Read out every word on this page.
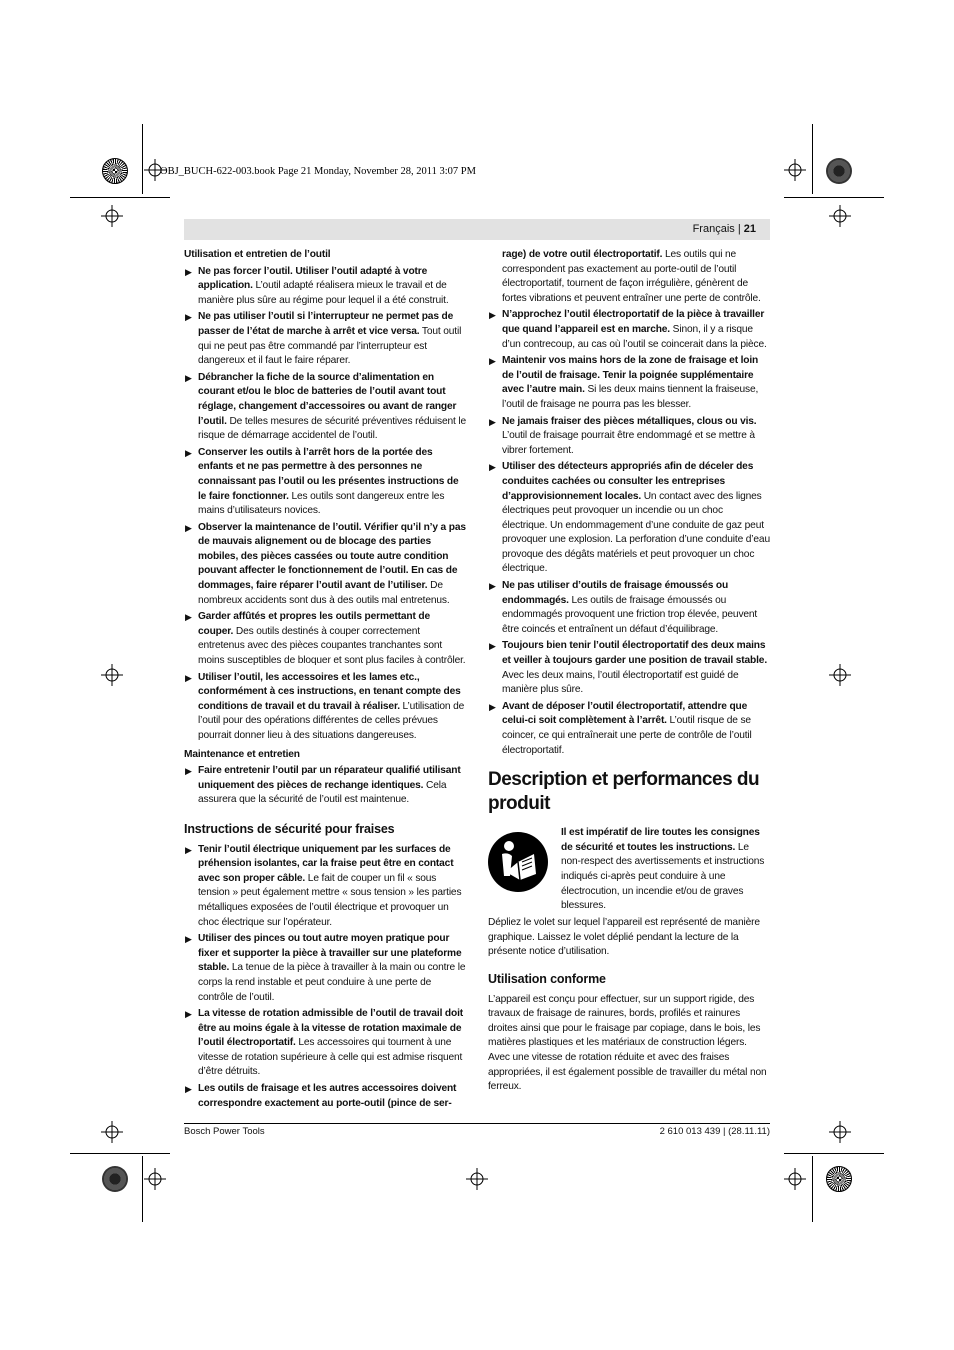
OBJ_BUCH-622-003.book Page 21 Monday, November 28, 2011 3:07 PM
Français | 21
Utilisation et entretien de l’outil
▶ Ne pas forcer l’outil. Utiliser l’outil adapté à votre application. L’outil adapté réalisera mieux le travail et de manière plus sûre au régime pour lequel il a été construit.
▶ Ne pas utiliser l’outil si l’interrupteur ne permet pas de passer de l’état de marche à arrêt et vice versa. Tout outil qui ne peut pas être commandé par l’interrupteur est dangereux et il faut le faire réparer.
▶ Débrancher la fiche de la source d’alimentation en courant et/ou le bloc de batteries de l’outil avant tout réglage, changement d’accessoires ou avant de ranger l’outil. De telles mesures de sécurité préventives réduisent le risque de démarrage accidentel de l’outil.
▶ Conserver les outils à l’arrêt hors de la portée des enfants et ne pas permettre à des personnes ne connaissant pas l’outil ou les présentes instructions de le faire fonctionner. Les outils sont dangereux entre les mains d’utilisateurs novices.
▶ Observer la maintenance de l’outil. Vérifier qu’il n’y a pas de mauvais alignement ou de blocage des parties mobiles, des pièces cassées ou toute autre condition pouvant affecter le fonctionnement de l’outil. En cas de dommages, faire réparer l’outil avant de l’utiliser. De nombreux accidents sont dus à des outils mal entretenus.
▶ Garder affûtés et propres les outils permettant de couper. Des outils destinés à couper correctement entretenus avec des pièces coupantes tranchantes sont moins susceptibles de bloquer et sont plus faciles à contrôler.
▶ Utiliser l’outil, les accessoires et les lames etc., conformément à ces instructions, en tenant compte des conditions de travail et du travail à réaliser. L’utilisation de l’outil pour des opérations différentes de celles prévues pourrait donner lieu à des situations dangereuses.
Maintenance et entretien
▶ Faire entretenir l’outil par un réparateur qualifié utilisant uniquement des pièces de rechange identiques. Cela assurera que la sécurité de l’outil est maintenue.
Instructions de sécurité pour fraises
▶ Tenir l’outil électrique uniquement par les surfaces de préhension isolantes, car la fraise peut être en contact avec son proper câble. Le fait de couper un fil « sous tension » peut également mettre « sous tension » les parties métalliques exposées de l’outil électrique et provoquer un choc électrique sur l’opérateur.
▶ Utiliser des pinces ou tout autre moyen pratique pour fixer et supporter la pièce à travailler sur une plateforme stable. La tenue de la pièce à travailler à la main ou contre le corps la rend instable et peut conduire à une perte de contrôle de l’outil.
▶ La vitesse de rotation admissible de l’outil de travail doit être au moins égale à la vitesse de rotation maximale de l’outil électroportatif. Les accessoires qui tournent à une vitesse de rotation supérieure à celle qui est admise risquent d’être détruits.
▶ Les outils de fraisage et les autres accessoires doivent correspondre exactement au porte-outil (pince de ser-
rage) de votre outil électroportatif. Les outils qui ne correspondent pas exactement au porte-outil de l’outil électroportatif, tournent de façon irrégulière, génèrent de fortes vibrations et peuvent entraîner une perte de contrôle.
▶ N’approchez l’outil électroportatif de la pièce à travailler que quand l’appareil est en marche. Sinon, il y a risque d’un contrecoup, au cas où l’outil se coincerait dans la pièce.
▶ Maintenir vos mains hors de la zone de fraisage et loin de l’outil de fraisage. Tenir la poignée supplémentaire avec l’autre main. Si les deux mains tiennent la fraiseuse, l’outil de fraisage ne pourra pas les blesser.
▶ Ne jamais fraiser des pièces métalliques, clous ou vis. L’outil de fraisage pourrait être endommagé et se mettre à vibrer fortement.
▶ Utiliser des détecteurs appropriés afin de déceler des conduites cachées ou consulter les entreprises d’approvisionnement locales. Un contact avec des lignes électriques peut provoquer un incendie ou un choc électrique. Un endommagement d’une conduite de gaz peut provoquer une explosion. La perforation d’une conduite d’eau provoque des dégâts matériels et peut provoquer un choc électrique.
▶ Ne pas utiliser d’outils de fraisage émoussés ou endommagés. Les outils de fraisage émoussés ou endommagés provoquent une friction trop élevée, peuvent être coincés et entraînent un défaut d’équilibrage.
▶ Toujours bien tenir l’outil électroportatif des deux mains et veiller à toujours garder une position de travail stable. Avec les deux mains, l’outil électroportatif est guidé de manière plus sûre.
▶ Avant de déposer l’outil électroportatif, attendre que celui-ci soit complètement à l’arrêt. L’outil risque de se coincer, ce qui entraînerait une perte de contrôle de l’outil électroportatif.
Description et performances du produit
Il est impératif de lire toutes les consignes de sécurité et toutes les instructions. Le non-respect des avertissements et instructions indiqués ci-après peut conduire à une électrocution, un incendie et/ou de graves blessures.
Dépliez le volet sur lequel l’appareil est représenté de manière graphique. Laissez le volet déplié pendant la lecture de la présente notice d’utilisation.
Utilisation conforme
L’appareil est conçu pour effectuer, sur un support rigide, des travaux de fraisage de rainures, bords, profilés et rainures droites ainsi que pour le fraisage par copiage, dans le bois, les matières plastiques et les matériaux de construction légers. Avec une vitesse de rotation réduite et avec des fraises appropriées, il est également possible de travailler du métal non ferreux.
Bosch Power Tools	2 610 013 439 | (28.11.11)
